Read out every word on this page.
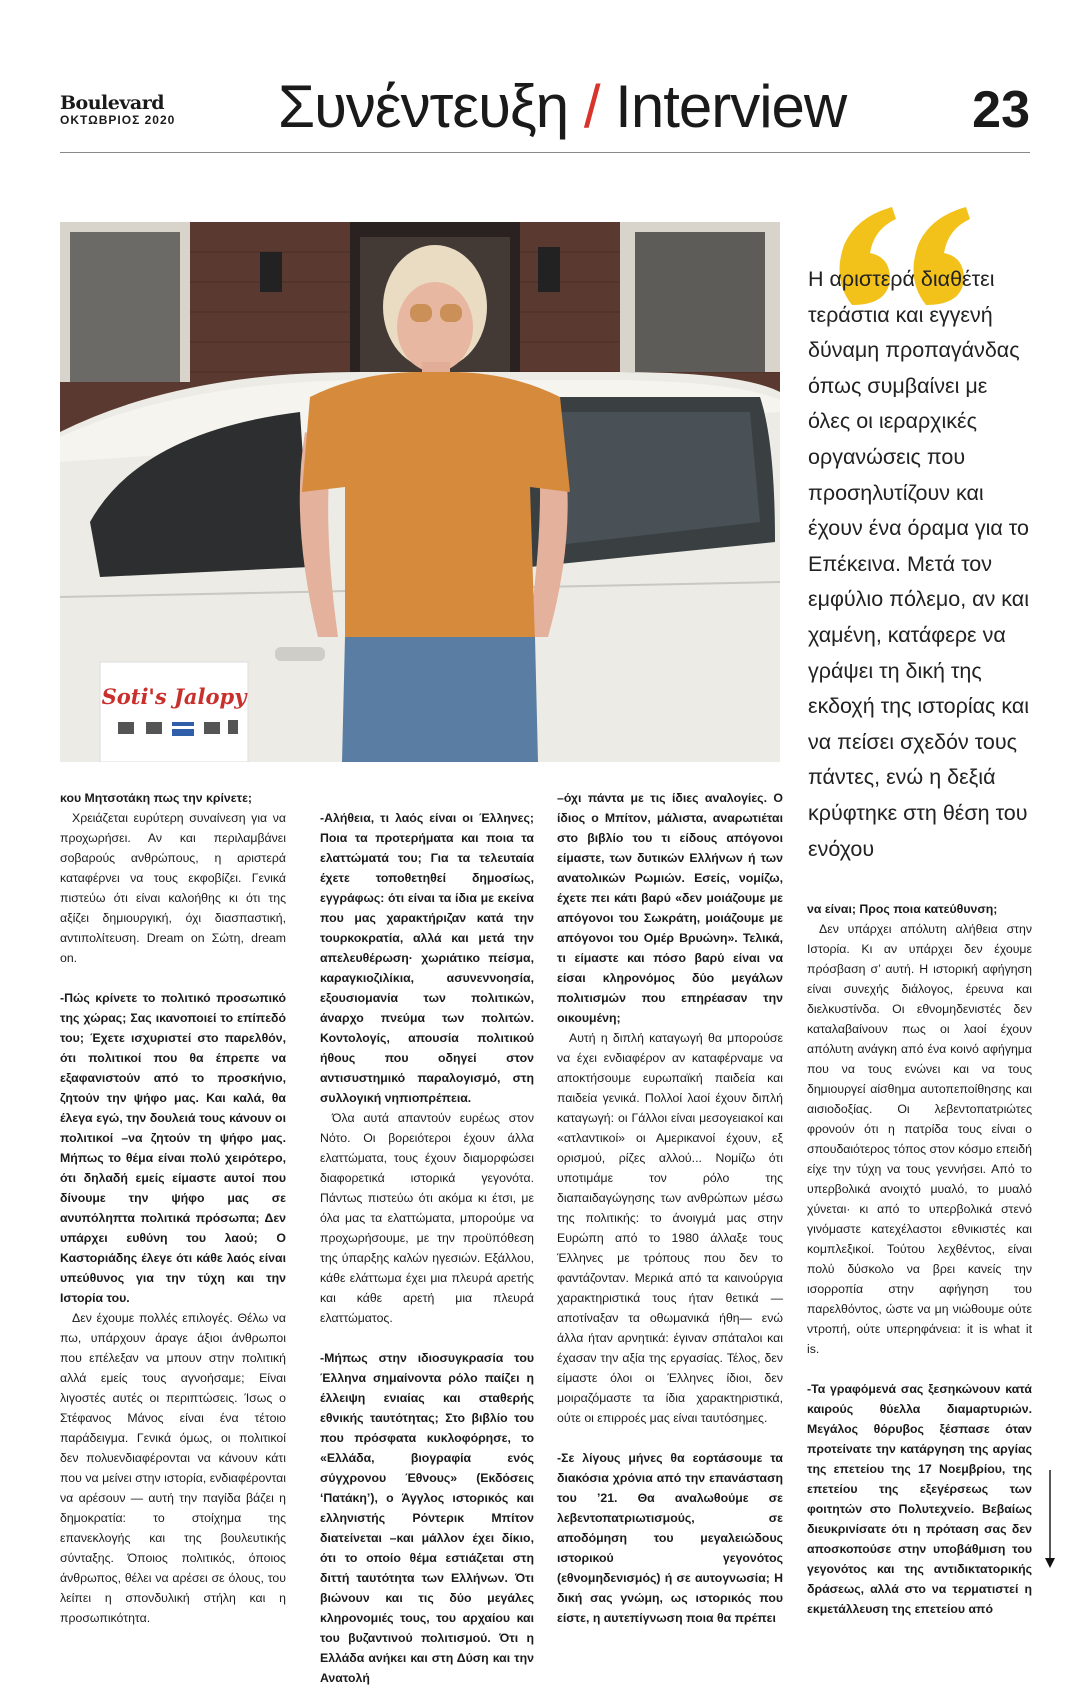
Boulevard
ΟΚΤΩΒΡΙΟΣ 2020 Συνέντευξη / Interview 23
Soti's Jalopy
Η αριστερά διαθέτει τεράστια και εγγενή δύναμη προπαγάνδας όπως συμβαίνει με όλες οι ιεραρχικές οργανώσεις που προσηλυτίζουν και έχουν ένα όραμα για το Επέκεινα. Μετά τον εμφύλιο πόλεμο, αν και χαμένη, κατάφερε να γράψει τη δική της εκδοχή της ιστορίας και να πείσει σχεδόν τους πάντες, ενώ η δεξιά κρύφτηκε στη θέση του ενόχου

κου Μητσοτάκη πως την κρίνετε;

Χρειάζεται ευρύτερη συναίνεση για να προχωρήσει. Αν και περιλαμβάνει σοβαρούς ανθρώπους, η αριστερά καταφέρνει να τους εκφοβίζει. Γενικά πιστεύω ότι είναι καλοήθης κι ότι της αξίζει δημιουργική, όχι διασπαστική, αντιπολίτευση. Dream on Σώτη, dream on.

-Πώς κρίνετε το πολιτικό προσωπικό της χώρας; Σας ικανοποιεί το επίπεδό του; Έχετε ισχυριστεί στο παρελθόν, ότι πολιτικοί που θα έπρεπε να εξαφανιστούν από το προσκήνιο, ζητούν την ψήφο μας. Και καλά, θα έλεγα εγώ, την δουλειά τους κάνουν οι πολιτικοί –να ζητούν τη ψήφο μας. Μήπως το θέμα είναι πολύ χειρότερο, ότι δηλαδή εμείς είμαστε αυτοί που δίνουμε την ψήφο μας σε ανυπόληπτα πολιτικά πρόσωπα; Δεν υπάρχει ευθύνη του λαού; Ο Καστοριάδης έλεγε ότι κάθε λαός είναι υπεύθυνος για την τύχη και την Ιστορία του.

Δεν έχουμε πολλές επιλογές. Θέλω να πω, υπάρχουν άραγε άξιοι άνθρωποι που επέλεξαν να μπουν στην πολιτική αλλά εμείς τους αγνοήσαμε; Είναι λιγοστές αυτές οι περιπτώσεις. Ίσως ο Στέφανος Μάνος είναι ένα τέτοιο παράδειγμα. Γενικά όμως, οι πολιτικοί δεν πολυενδιαφέρονται να κάνουν κάτι που να μείνει στην ιστορία, ενδιαφέρονται να αρέσουν — αυτή την παγίδα βάζει η δημοκρατία: το στοίχημα της επανεκλογής και της βουλευτικής σύνταξης. Όποιος πολιτικός, όποιος άνθρωπος, θέλει να αρέσει σε όλους, του λείπει η σπονδυλική στήλη και η προσωπικότητα.

-Αλήθεια, τι λαός είναι οι Έλληνες; Ποια τα προτερήματα και ποια τα ελαττώματά του; Για τα τελευταία έχετε τοποθετηθεί δημοσίως, εγγράφως: ότι είναι τα ίδια με εκείνα που μας χαρακτήριζαν κατά την τουρκοκρατία, αλλά και μετά την απελευθέρωση· χωριάτικο πείσμα, καραγκιοζιλίκια, ασυνεννοησία, εξουσιομανία των πολιτικών, άναρχο πνεύμα των πολιτών. Κοντολογίς, απουσία πολιτικού ήθους που οδηγεί στον αντισυστημικό παραλογισμό, στη συλλογική νηπιοπρέπεια.

Όλα αυτά απαντούν ευρέως στον Νότο. Οι βορειότεροι έχουν άλλα ελαττώματα, τους έχουν διαμορφώσει διαφορετικά ιστορικά γεγονότα. Πάντως πιστεύω ότι ακόμα κι έτσι, με όλα μας τα ελαττώματα, μπορούμε να προχωρήσουμε, με την προϋπόθεση της ύπαρξης καλών ηγεσιών. Εξάλλου, κάθε ελάττωμα έχει μια πλευρά αρετής και κάθε αρετή μια πλευρά ελαττώματος.

-Μήπως στην ιδιοσυγκρασία του Έλληνα σημαίνοντα ρόλο παίζει η έλλειψη ενιαίας και σταθερής εθνικής ταυτότητας; Στο βιβλίο του που πρόσφατα κυκλοφόρησε, το «Ελλάδα, βιογραφία ενός σύγχρονου Έθνους» (Εκδόσεις ‘Πατάκη’), ο Άγγλος ιστορικός και ελληνιστής Ρόντερικ Μπίτον διατείνεται –και μάλλον έχει δίκιο, ότι το οποίο θέμα εστιάζεται στη διττή ταυτότητα των Ελλήνων. Ότι βιώνουν και τις δύο μεγάλες κληρονομιές τους, του αρχαίου και του βυζαντινού πολιτισμού. Ότι η Ελλάδα ανήκει και στη Δύση και την Ανατολή

–όχι πάντα με τις ίδιες αναλογίες. Ο ίδιος ο Μπίτον, μάλιστα, αναρωτιέται στο βιβλίο του τι είδους απόγονοι είμαστε, των δυτικών Ελλήνων ή των ανατολικών Ρωμιών. Εσείς, νομίζω, έχετε πει κάτι βαρύ «δεν μοιάζουμε με απόγονοι του Σωκράτη, μοιάζουμε με απόγονοι του Ομέρ Βρυώνη». Τελικά, τι είμαστε και πόσο βαρύ είναι να είσαι κληρονόμος δύο μεγάλων πολιτισμών που επηρέασαν την οικουμένη;

Αυτή η διπλή καταγωγή θα μπορούσε να έχει ενδιαφέρον αν καταφέρναμε να αποκτήσουμε ευρωπαϊκή παιδεία και παιδεία γενικά. Πολλοί λαοί έχουν διπλή καταγωγή: οι Γάλλοι είναι μεσογειακοί και «ατλαντικοί» οι Αμερικανοί έχουν, εξ ορισμού, ρίζες αλλού... Νομίζω ότι υποτιμάμε τον ρόλο της διαπαιδαγώγησης των ανθρώπων μέσω της πολιτικής: το άνοιγμά μας στην Ευρώπη από το 1980 άλλαξε τους Έλληνες με τρόπους που δεν το φαντάζονταν. Μερικά από τα καινούργια χαρακτηριστικά τους ήταν θετικά —αποτίναξαν τα οθωμανικά ήθη— ενώ άλλα ήταν αρνητικά: έγιναν σπάταλοι και έχασαν την αξία της εργασίας. Τέλος, δεν είμαστε όλοι οι Έλληνες ίδιοι, δεν μοιραζόμαστε τα ίδια χαρακτηριστικά, ούτε οι επιρροές μας είναι ταυτόσημες.

-Σε λίγους μήνες θα εορτάσουμε τα διακόσια χρόνια από την επανάσταση του ’21. Θα αναλωθούμε σε λεβεντοπατριωτισμούς, σε αποδόμηση του μεγαλειώδους ιστορικού γεγονότος (εθνομηδενισμός) ή σε αυτογνωσία; Η δική σας γνώμη, ως ιστορικός που είστε, η αυτεπίγνωση ποια θα πρέπει

να είναι; Προς ποια κατεύθυνση;

Δεν υπάρχει απόλυτη αλήθεια στην Ιστορία. Κι αν υπάρχει δεν έχουμε πρόσβαση σ’ αυτή. Η ιστορική αφήγηση είναι συνεχής διάλογος, έρευνα και διελκυστίνδα. Οι εθνομηδενιστές δεν καταλαβαίνουν πως οι λαοί έχουν απόλυτη ανάγκη από ένα κοινό αφήγημα που να τους ενώνει και να τους δημιουργεί αίσθημα αυτοπεποίθησης και αισιοδοξίας. Οι λεβεντοπατριώτες φρονούν ότι η πατρίδα τους είναι ο σπουδαιότερος τόπος στον κόσμο επειδή είχε την τύχη να τους γεννήσει. Από το υπερβολικά ανοιχτό μυαλό, το μυαλό χύνεται· κι από το υπερβολικά στενό γινόμαστε κατεχέλαστοι εθνικιστές και κομπλεξικοί. Τούτου λεχθέντος, είναι πολύ δύσκολο να βρει κανείς την ισορροπία στην αφήγηση του παρελθόντος, ώστε να μη νιώθουμε ούτε ντροπή, ούτε υπερηφάνεια: it is what it is.

-Τα γραφόμενά σας ξεσηκώνουν κατά καιρούς θύελλα διαμαρτυριών. Μεγάλος θόρυβος ξέσπασε όταν προτείνατε την κατάργηση της αργίας της επετείου της 17 Νοεμβρίου, της επετείου της εξεγέρσεως των φοιτητών στο Πολυτεχνείο. Βεβαίως διευκρινίσατε ότι η πρόταση σας δεν αποσκοπούσε στην υποβάθμιση του γεγονότος και της αντιδικτατορικής δράσεως, αλλά στο να τερματιστεί η εκμετάλλευση της επετείου από
